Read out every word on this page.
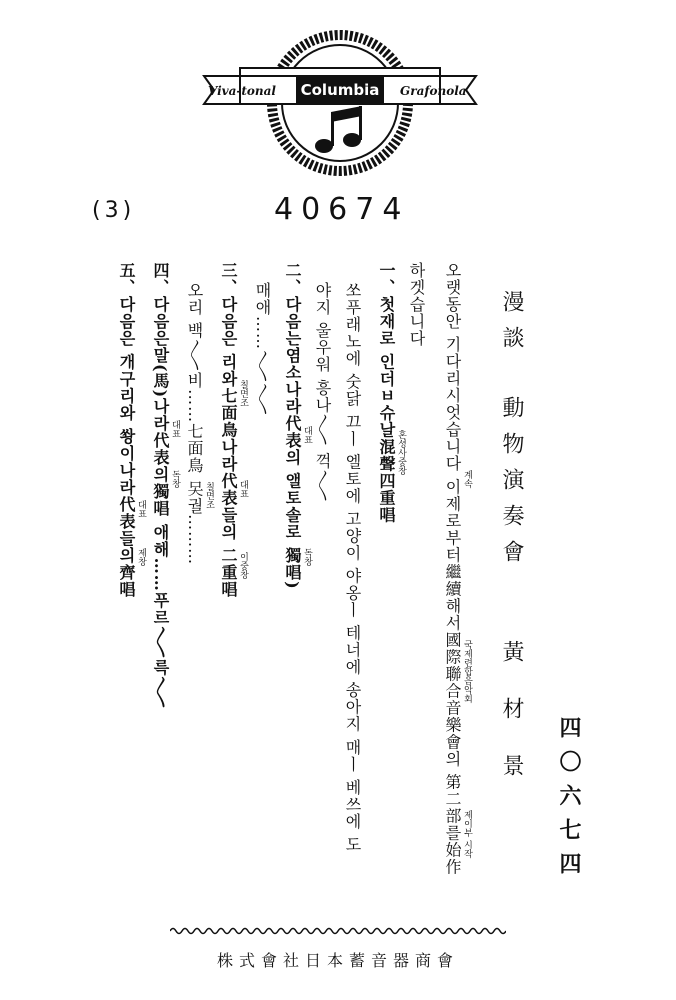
Viva-tonal	Grafonola
Columbia
(3)	40674
四〇六七四
漫談
動物演奏會
黃 材 景
오랫동안 기다리시엇습니다 이제로부터繼續해서國際聯合音樂會의 第二部를始作
하겟습니다
一、첫재로 인더ㅂ슈날混聲四重唱
쏘푸래노에 숫닭 끄ㅣ 엘토에 고양이 야옹ㅣ 테너에 송아지 매ㅣ 베쓰에 도
야지 울우워 흥나〳〵 꺽〳〵
二、다음는염소나라代表의 앨토솔로 獨唱)
매애……〳〵〳〵
三、다음은 리와七面鳥나라代表들의 二重唱
오리 백〳〵비……七面鳥 㕦궐………
四、다음은말(馬)나라代表의獨唱 애해……푸르〳〵륵〳〵
五、다음은 개구리와 쐉이나라代表들의齊唱	계속
국제련합음악회
제이부 시작
혼셩사중창
대표
독창
칠면조
대표
이중창
칠면조
대표
독창
대표
제창
株式會社日本蓄音器商會
